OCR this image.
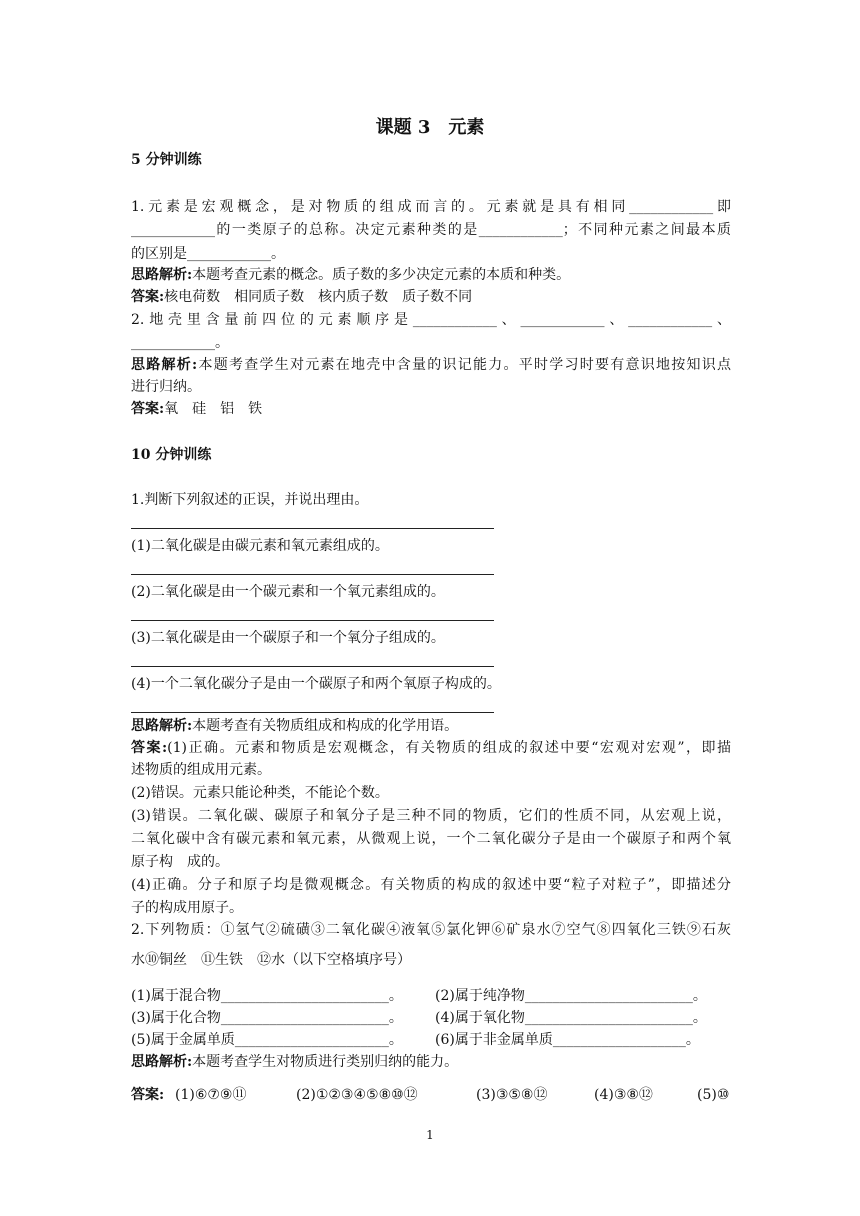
课题 3　元素
5 分钟训练
1.元素是宏观概念，是对物质的组成而言的。元素就是具有相同____________即
____________的一类原子的总称。决定元素种类的是____________；不同种元素之间最本质
的区别是____________。
思路解析:本题考查元素的概念。质子数的多少决定元素的本质和种类。
答案:核电荷数　相同质子数　核内质子数　质子数不同
2.地壳里含量前四位的元素顺序是____________、____________、____________、
____________。
思路解析:本题考查学生对元素在地壳中含量的识记能力。平时学习时要有意识地按知识点
进行归纳。
答案:氧　硅　铝　铁
10 分钟训练
1.判断下列叙述的正误，并说出理由。
(1)二氧化碳是由碳元素和氧元素组成的。
(2)二氧化碳是由一个碳元素和一个氧元素组成的。
(3)二氧化碳是由一个碳原子和一个氧分子组成的。
(4)一个二氧化碳分子是由一个碳原子和两个氧原子构成的。
思路解析:本题考查有关物质组成和构成的化学用语。
答案:(1)正确。元素和物质是宏观概念，有关物质的组成的叙述中要“宏观对宏观”，即描
述物质的组成用元素。
(2)错误。元素只能论种类，不能论个数。
(3)错误。二氧化碳、碳原子和氧分子是三种不同的物质，它们的性质不同，从宏观上说，
二氧化碳中含有碳元素和氧元素，从微观上说，一个二氧化碳分子是由一个碳原子和两个氧
原子构　成的。
(4)正确。分子和原子均是微观概念。有关物质的构成的叙述中要“粒子对粒子”，即描述分
子的构成用原子。
2.下列物质：①氢气②硫磺③二氧化碳④液氧⑤氯化钾⑥矿泉水⑦空气⑧四氧化三铁⑨石灰
水⑩铜丝　⑪生铁　⑫水（以下空格填序号）
(1)属于混合物________________________。	(2)属于纯净物________________________。
(3)属于化合物________________________。	(4)属于氧化物________________________。
(5)属于金属单质______________________。	(6)属于非金属单质___________________。
思路解析:本题考查学生对物质进行类别归纳的能力。
答案: (1)⑥⑦⑨⑪	(2)①②③④⑤⑧⑩⑫	(3)③⑤⑧⑫	(4)③⑧⑫	(5)⑩
1
